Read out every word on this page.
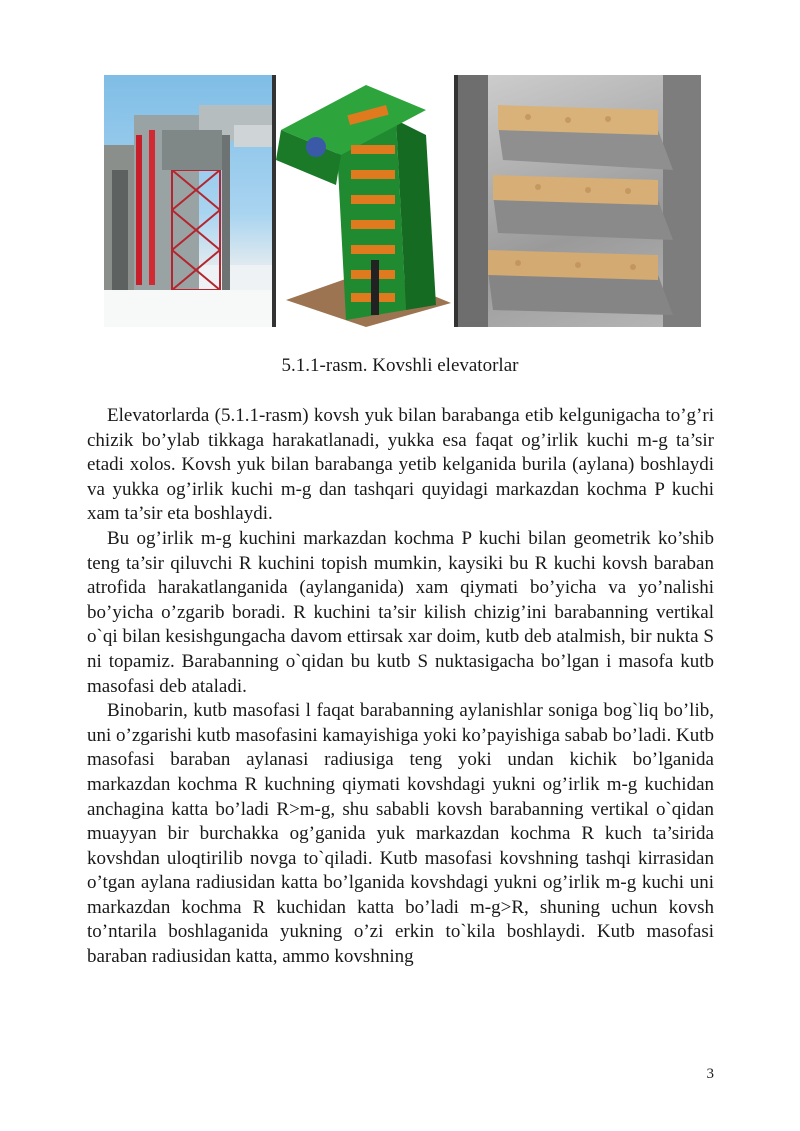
5.1.1-rasm. Kovshli elevatorlar

Elevatorlarda (5.1.1-rasm) kovsh yuk bilan barabanga etib kelgunigacha to’g’ri chizik bo’ylab tikkaga harakatlanadi, yukka esa faqat og’irlik kuchi m-g ta’sir etadi xolos. Kovsh yuk bilan barabanga yetib kelganida burila (aylana) boshlaydi va yukka og’irlik kuchi m-g dan tashqari quyidagi markazdan kochma P kuchi xam ta’sir eta boshlaydi.

Bu og’irlik m-g kuchini markazdan kochma P kuchi bilan geometrik ko’shib teng ta’sir qiluvchi R kuchini topish mumkin, kaysiki bu R kuchi kovsh baraban atrofida harakatlanganida (aylanganida) xam qiymati bo’yicha va yo’nalishi bo’yicha o’zgarib boradi. R kuchini ta’sir kilish chizig’ini barabanning vertikal o`qi bilan kesishgungacha davom ettirsak xar doim, kutb deb atalmish, bir nukta S ni topamiz. Barabanning o`qidan bu kutb S nuktasigacha bo’lgan i masofa kutb masofasi deb ataladi.

Binobarin, kutb masofasi l faqat barabanning aylanishlar soniga bog`liq bo’lib, uni o’zgarishi kutb masofasini kamayishiga yoki ko’payishiga sabab bo’ladi. Kutb masofasi baraban aylanasi radiusiga teng yoki undan kichik bo’lganida markazdan kochma R kuchning qiymati kovshdagi yukni og’irlik m-g kuchidan anchagina katta bo’ladi R>m-g, shu sababli kovsh barabanning vertikal o`qidan muayyan bir burchakka og’ganida yuk markazdan kochma R kuch ta’sirida kovshdan uloqtirilib novga to`qiladi. Kutb masofasi kovshning tashqi kirrasidan o’tgan aylana radiusidan katta bo’lganida kovshdagi yukni og’irlik m-g kuchi uni markazdan kochma R kuchidan katta bo’ladi m-g>R, shuning uchun kovsh to’ntarila boshlaganida yukning o’zi erkin to`kila boshlaydi. Kutb masofasi baraban radiusidan katta, ammo kovshning

3
